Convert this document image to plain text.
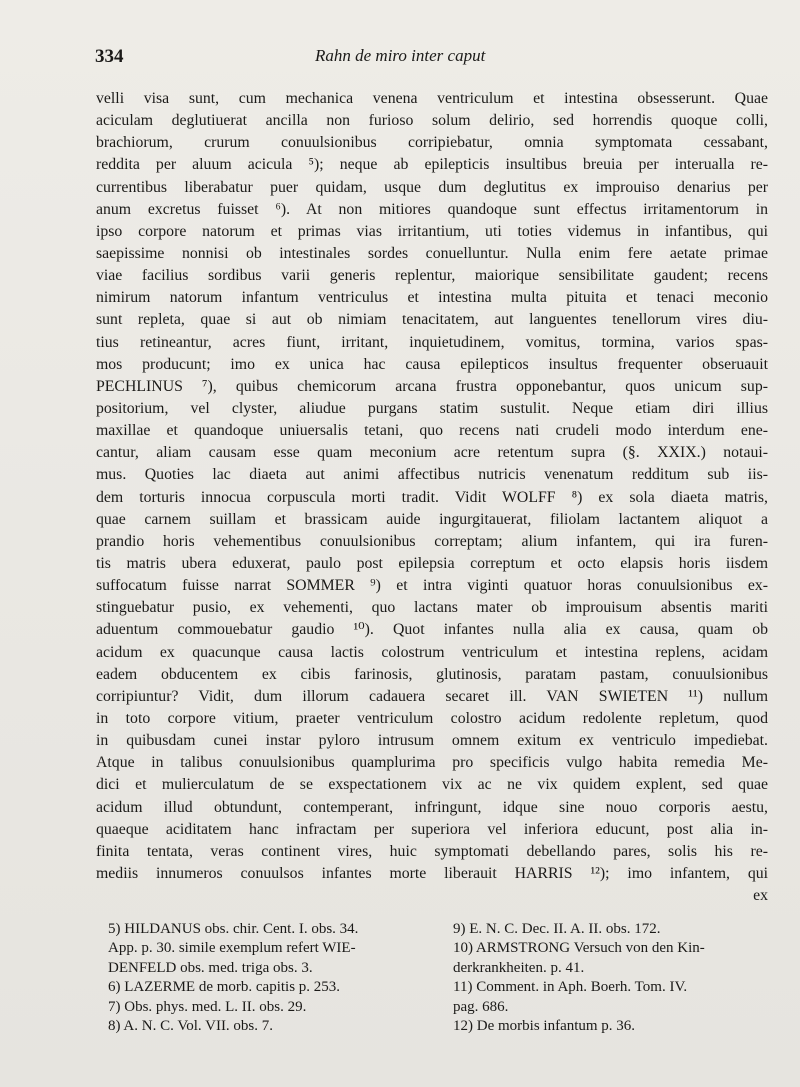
334	Rahn de miro inter caput
velli visa sunt, cum mechanica venena ventriculum et intestina obsesserunt. Quae
aciculam deglutiuerat ancilla non furioso solum delirio, sed horrendis quoque colli,
brachiorum, crurum conuulsionibus corripiebatur, omnia symptomata cessabant,
reddita per aluum acicula ⁵); neque ab epilepticis insultibus breuia per interualla re-
currentibus liberabatur puer quidam, usque dum deglutitus ex improuiso denarius per
anum excretus fuisset ⁶). At non mitiores quandoque sunt effectus irritamentorum in
ipso corpore natorum et primas vias irritantium, uti toties videmus in infantibus, qui
saepissime nonnisi ob intestinales sordes conuelluntur. Nulla enim fere aetate primae
viae facilius sordibus varii generis replentur, maiorique sensibilitate gaudent; recens
nimirum natorum infantum ventriculus et intestina multa pituita et tenaci meconio
sunt repleta, quae si aut ob nimiam tenacitatem, aut languentes tenellorum vires diu-
tius retineantur, acres fiunt, irritant, inquietudinem, vomitus, tormina, varios spas-
mos producunt; imo ex unica hac causa epilepticos insultus frequenter obseruauit
PECHLINUS ⁷), quibus chemicorum arcana frustra opponebantur, quos unicum sup-
positorium, vel clyster, aliudue purgans statim sustulit. Neque etiam diri illius
maxillae et quandoque uniuersalis tetani, quo recens nati crudeli modo interdum ene-
cantur, aliam causam esse quam meconium acre retentum supra (§. XXIX.) notaui-
mus. Quoties lac diaeta aut animi affectibus nutricis venenatum redditum sub iis-
dem torturis innocua corpuscula morti tradit. Vidit WOLFF ⁸) ex sola diaeta matris,
quae carnem suillam et brassicam auide ingurgitauerat, filiolam lactantem aliquot a
prandio horis vehementibus conuulsionibus correptam; alium infantem, qui ira furen-
tis matris ubera eduxerat, paulo post epilepsia correptum et octo elapsis horis iisdem
suffocatum fuisse narrat SOMMER ⁹) et intra viginti quatuor horas conuulsionibus ex-
stinguebatur pusio, ex vehementi, quo lactans mater ob improuisum absentis mariti
aduentum commouebatur gaudio ¹⁰). Quot infantes nulla alia ex causa, quam ob
acidum ex quacunque causa lactis colostrum ventriculum et intestina replens, acidam
eadem obducentem ex cibis farinosis, glutinosis, paratam pastam, conuulsionibus
corripiuntur? Vidit, dum illorum cadauera secaret ill. VAN SWIETEN ¹¹) nullum
in toto corpore vitium, praeter ventriculum colostro acidum redolente repletum, quod
in quibusdam cunei instar pyloro intrusum omnem exitum ex ventriculo impediebat.
Atque in talibus conuulsionibus quamplurima pro specificis vulgo habita remedia Me-
dici et mulierculatum de se exspectationem vix ac ne vix quidem explent, sed quae
acidum illud obtundunt, contemperant, infringunt, idque sine nouo corporis aestu,
quaeque aciditatem hanc infractam per superiora vel inferiora educunt, post alia in-
finita tentata, veras continent vires, huic symptomati debellando pares, solis his re-
mediis innumeros conuulsos infantes morte liberauit HARRIS ¹²); imo infantem, qui
ex
5) HILDANUS obs. chir. Cent. I. obs. 34.
App. p. 30. simile exemplum refert WIE-
DENFELD obs. med. triga obs. 3.
6) LAZERME de morb. capitis p. 253.
7) Obs. phys. med. L. II. obs. 29.
8) A. N. C. Vol. VII. obs. 7.
9) E. N. C. Dec. II. A. II. obs. 172.
10) ARMSTRONG Versuch von den Kin-
derkrankheiten. p. 41.
11) Comment. in Aph. Boerh. Tom. IV.
pag. 686.
12) De morbis infantum p. 36.
